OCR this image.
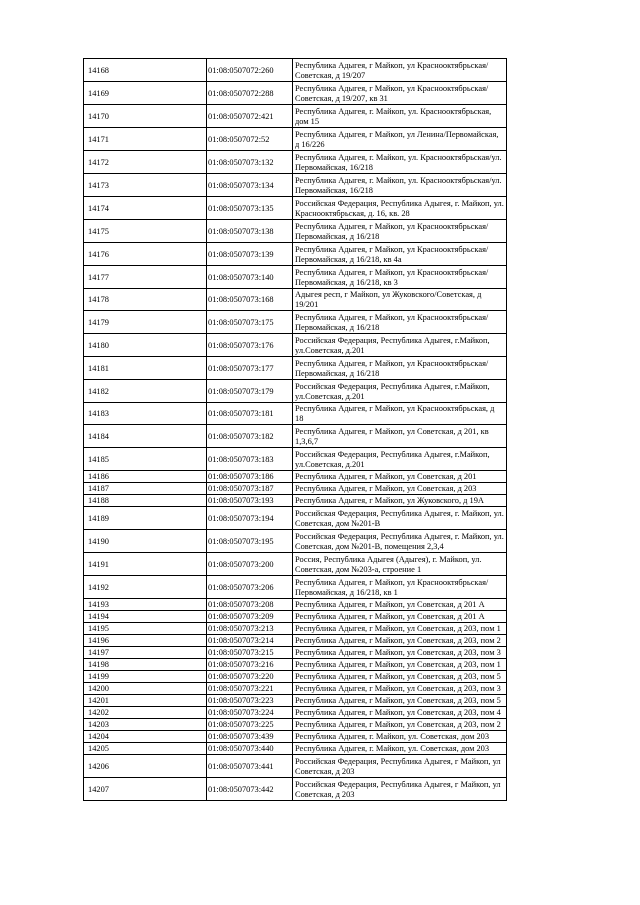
14168	01:08:0507072:260	Республика Адыгея, г Майкоп, ул Краснооктябрьская/Советская, д 19/207
14169	01:08:0507072:288	Республика Адыгея, г Майкоп, ул Краснооктябрьская/Советская, д 19/207, кв 31
14170	01:08:0507072:421	Республика Адыгея, г. Майкоп, ул. Краснооктябрьская, дом 15
14171	01:08:0507072:52	Республика Адыгея, г Майкоп, ул Ленина/Первомайская, д 16/226
14172	01:08:0507073:132	Республика Адыгея, г. Майкоп, ул. Краснооктябрьская/ул. Первомайская, 16/218
14173	01:08:0507073:134	Республика Адыгея, г. Майкоп, ул. Краснооктябрьская/ул. Первомайская, 16/218
14174	01:08:0507073:135	Российская Федерация, Республика Адыгея, г. Майкоп, ул. Краснооктябрьская, д. 16, кв. 28
14175	01:08:0507073:138	Республика Адыгея, г Майкоп, ул Краснооктябрьская/Первомайская, д 16/218
14176	01:08:0507073:139	Республика Адыгея, г Майкоп, ул Краснооктябрьская/Первомайская, д 16/218, кв 4а
14177	01:08:0507073:140	Республика Адыгея, г Майкоп, ул Краснооктябрьская/Первомайская, д 16/218, кв 3
14178	01:08:0507073:168	Адыгея респ, г Майкоп, ул Жуковского/Советская, д 19/201
14179	01:08:0507073:175	Республика Адыгея, г Майкоп, ул Краснооктябрьская/Первомайская, д 16/218
14180	01:08:0507073:176	Российская Федерация, Республика Адыгея, г.Майкоп, ул.Советская, д.201
14181	01:08:0507073:177	Республика Адыгея, г Майкоп, ул Краснооктябрьская/Первомайская, д 16/218
14182	01:08:0507073:179	Российская Федерация, Республика Адыгея, г.Майкоп, ул.Советская, д.201
14183	01:08:0507073:181	Республика Адыгея, г Майкоп, ул Краснооктябрьская, д 18
14184	01:08:0507073:182	Республика Адыгея, г Майкоп, ул Советская, д 201, кв 1,3,6,7
14185	01:08:0507073:183	Российская Федерация, Республика Адыгея, г.Майкоп, ул.Советская, д.201
14186	01:08:0507073:186	Республика Адыгея, г Майкоп, ул Советская, д 201
14187	01:08:0507073:187	Республика Адыгея, г Майкоп, ул Советская, д 203
14188	01:08:0507073:193	Республика Адыгея, г Майкоп, ул Жуковского, д 19А
14189	01:08:0507073:194	Российская Федерация, Республика Адыгея, г. Майкоп, ул. Советская, дом №201-В
14190	01:08:0507073:195	Российская Федерация, Республика Адыгея, г. Майкоп, ул. Советская, дом №201-В, помещения 2,3,4
14191	01:08:0507073:200	Россия, Республика Адыгея (Адыгея), г. Майкоп, ул. Советская, дом №203-а, строение 1
14192	01:08:0507073:206	Республика Адыгея, г Майкоп, ул Краснооктябрьская/Первомайская, д 16/218, кв 1
14193	01:08:0507073:208	Республика Адыгея, г Майкоп, ул Советская, д 201 А
14194	01:08:0507073:209	Республика Адыгея, г Майкоп, ул Советская, д 201 А
14195	01:08:0507073:213	Республика Адыгея, г Майкоп, ул Советская, д 203, пом 1
14196	01:08:0507073:214	Республика Адыгея, г Майкоп, ул Советская, д 203, пом 2
14197	01:08:0507073:215	Республика Адыгея, г Майкоп, ул Советская, д 203, пом 3
14198	01:08:0507073:216	Республика Адыгея, г Майкоп, ул Советская, д 203, пом 1
14199	01:08:0507073:220	Республика Адыгея, г Майкоп, ул Советская, д 203, пом 5
14200	01:08:0507073:221	Республика Адыгея, г Майкоп, ул Советская, д 203, пом 3
14201	01:08:0507073:223	Республика Адыгея, г Майкоп, ул Советская, д 203, пом 5
14202	01:08:0507073:224	Республика Адыгея, г Майкоп, ул Советская, д 203, пом 4
14203	01:08:0507073:225	Республика Адыгея, г Майкоп, ул Советская, д 203, пом 2
14204	01:08:0507073:439	Республика Адыгея, г. Майкоп, ул. Советская, дом 203
14205	01:08:0507073:440	Республика Адыгея, г. Майкоп, ул. Советская, дом 203
14206	01:08:0507073:441	Российская Федерация, Республика Адыгея, г Майкоп, ул Советская, д 203
14207	01:08:0507073:442	Российская Федерация, Республика Адыгея, г Майкоп, ул Советская, д 203
